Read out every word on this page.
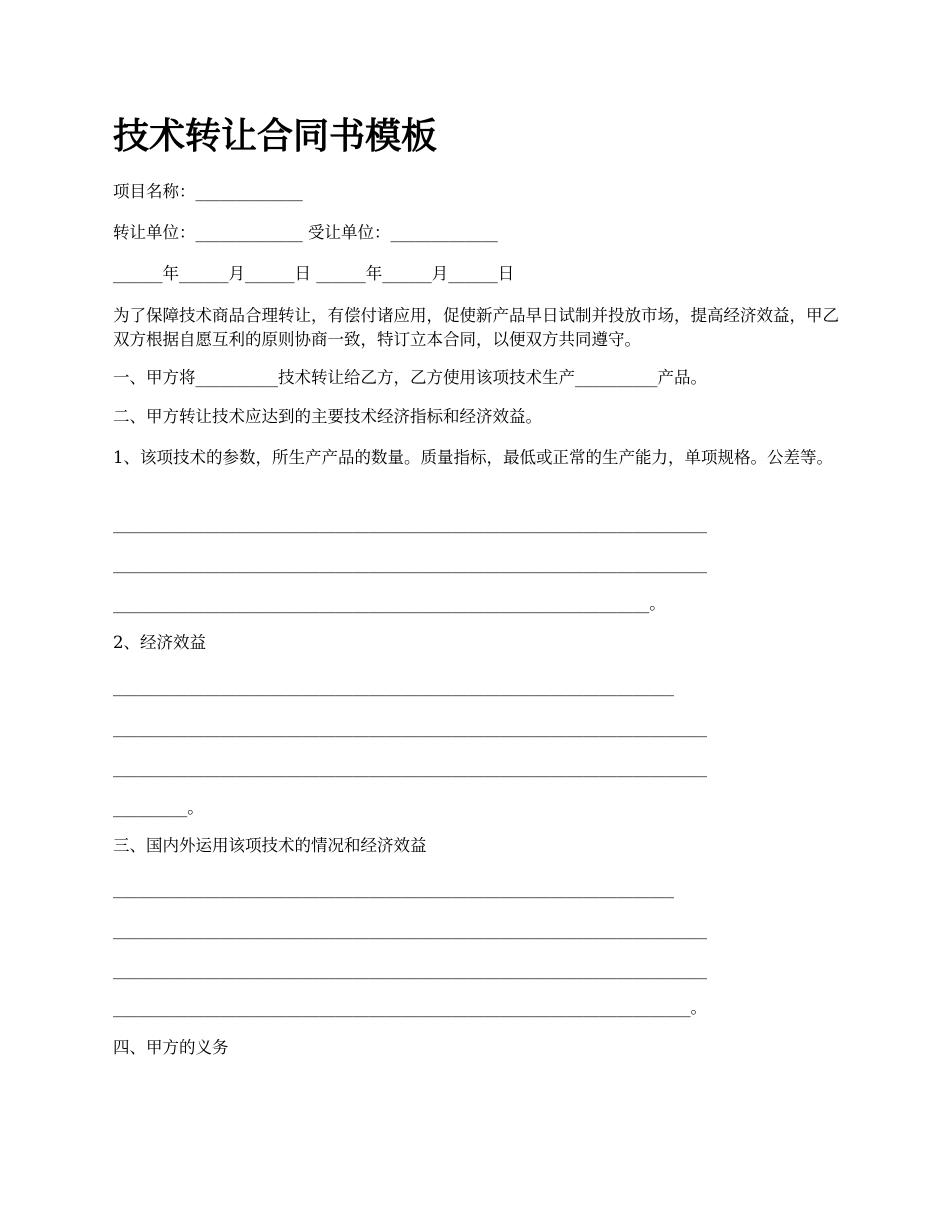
技术转让合同书模板

项目名称：_____________

转让单位：_____________ 受让单位：_____________

______年______月______日 ______年______月______日

为了保障技术商品合理转让，有偿付诸应用，促使新产品早日试制并投放市场，提高经济效益，甲乙双方根据自愿互利的原则协商一致，特订立本合同，以便双方共同遵守。

一、甲方将__________技术转让给乙方，乙方使用该项技术生产__________产品。

二、甲方转让技术应达到的主要技术经济指标和经济效益。

1、该项技术的参数，所生产产品的数量。质量指标，最低或正常的生产能力，单项规格。公差等。

________________________________________________________________________

________________________________________________________________________

_________________________________________________________________。

2、经济效益

____________________________________________________________________

________________________________________________________________________

________________________________________________________________________

_________。

三、国内外运用该项技术的情况和经济效益

____________________________________________________________________

________________________________________________________________________

________________________________________________________________________

______________________________________________________________________。

四、甲方的义务
